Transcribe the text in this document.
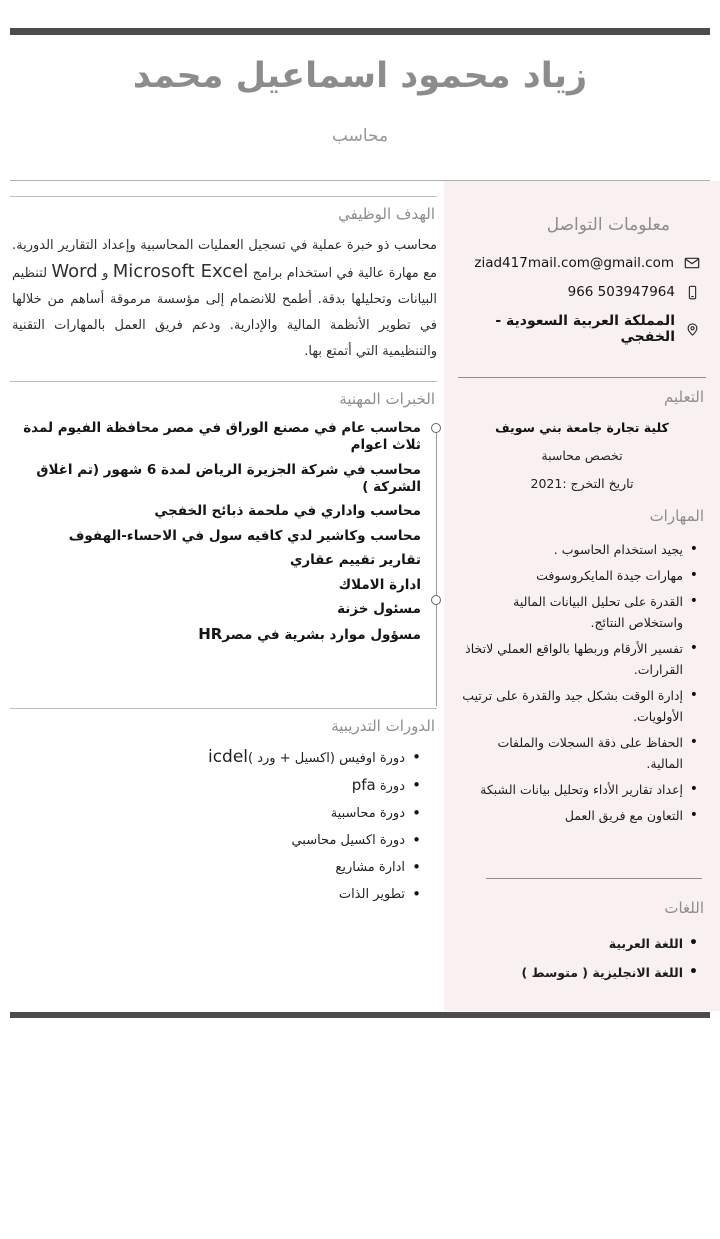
زياد محمود اسماعيل محمد
محاسب
معلومات التواصل
ziad417mail.com@gmail.com
966 503947964
المملكة العربية السعودية - الخفجي
التعليم
كلية تجارة جامعة بني سويف
تخصص محاسبة
تاريخ التخرج :2021
المهارات
• يجيد استخدام الحاسوب .
• مهارات جيدة المايكروسوفت
• القدرة على تحليل البيانات المالية واستخلاص النتائج.
• تفسير الأرقام وربطها بالواقع العملي لاتخاذ القرارات.
• إدارة الوقت بشكل جيد والقدرة على ترتيب الأولويات.
• الحفاظ على دقة السجلات والملفات المالية.
• إعداد تقارير الأداء وتحليل بيانات الشبكة
• التعاون مع فريق العمل
اللغات
• اللغة العربية
• اللغة الانجليزية ( متوسط )
الهدف الوظيفي

محاسب ذو خبرة عملية في تسجيل العمليات المحاسبية وإعداد التقارير الدورية. مع مهارة عالية في استخدام برامج Microsoft Excel و Word لتنظيم البيانات وتحليلها بدقة. أطمح للانضمام إلى مؤسسة مرموقة أساهم من خلالها في تطوير الأنظمة المالية والإدارية. ودعم فريق العمل بالمهارات التقنية والتنظيمية التي أتمتع بها.

الخبرات المهنية
محاسب عام في مصنع الوراق في مصر محافظة الفيوم لمدة ثلاث اعوام
محاسب في شركة الجزيرة الرياض لمدة 6 شهور (تم اغلاق الشركة )
محاسب واداري في ملحمة ذبائح الخفجي
محاسب وكاشير لدي كافيه سول في الاحساء-الهفوف
تقارير تقييم عقاري
ادارة الاملاك
مسئول خزنة
مسؤول موارد بشرية في مصرHR
الدورات التدريبية
• دورة اوفيس (اكسيل + ورد )icdel
• دورة pfa
• دورة محاسبية
• دورة اكسيل محاسبي
• ادارة مشاريع
• تطوير الذات
